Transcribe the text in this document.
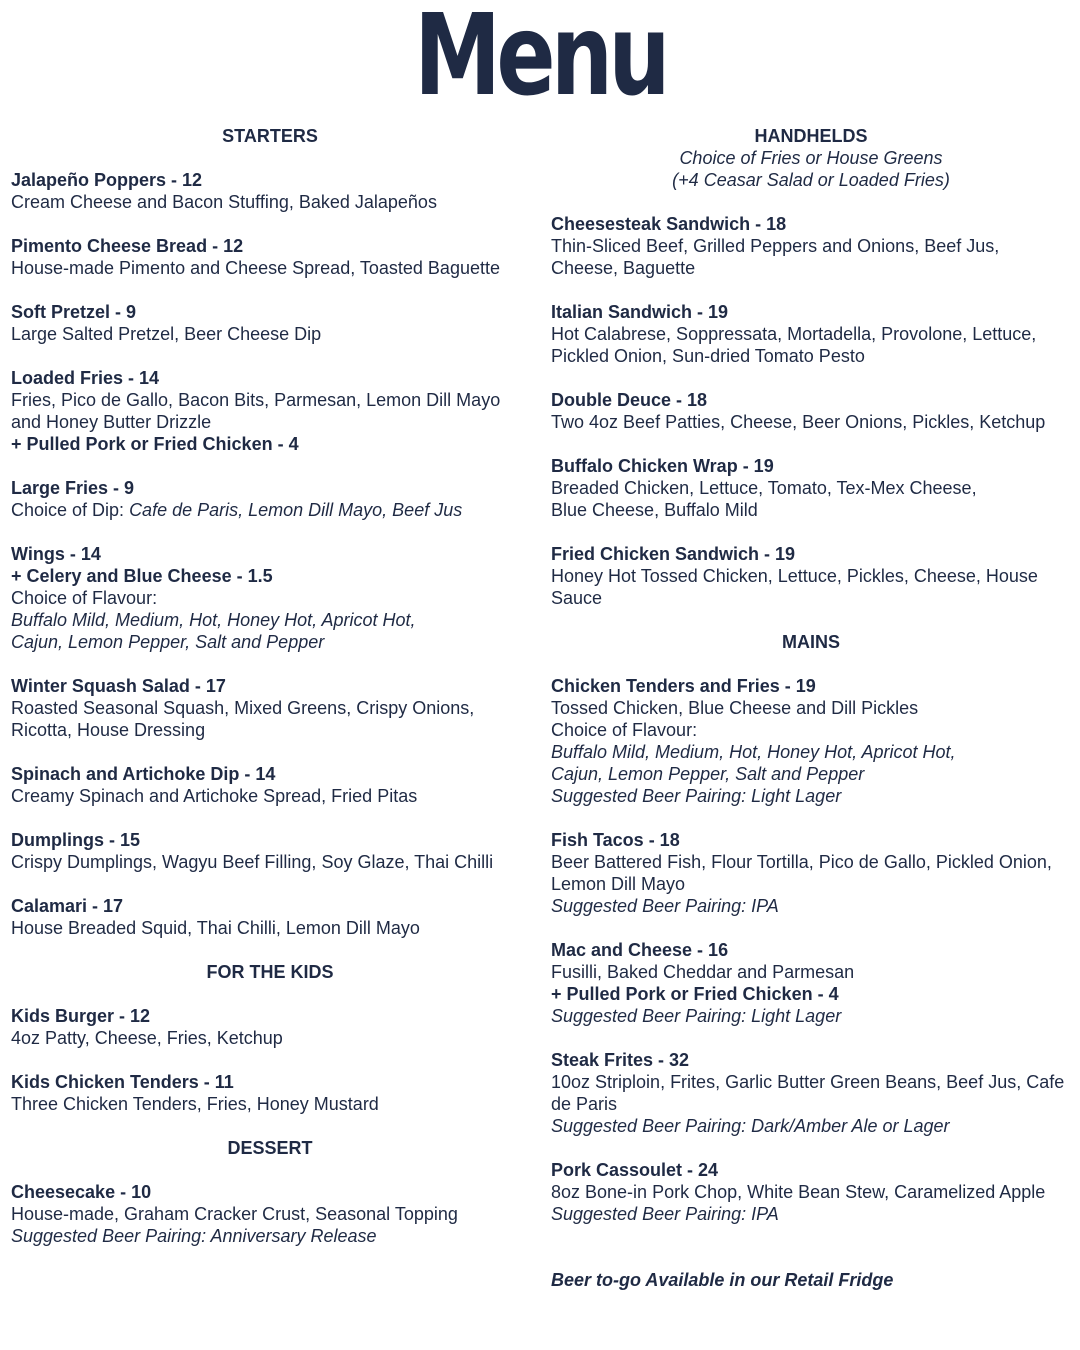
Menu
STARTERS
Jalapeño Poppers - 12
Cream Cheese and Bacon Stuffing, Baked Jalapeños
Pimento Cheese Bread - 12
House-made Pimento and Cheese Spread, Toasted Baguette
Soft Pretzel - 9
Large Salted Pretzel, Beer Cheese Dip
Loaded Fries - 14
Fries, Pico de Gallo, Bacon Bits, Parmesan, Lemon Dill Mayo and Honey Butter Drizzle
+ Pulled Pork or Fried Chicken - 4
Large Fries - 9
Choice of Dip: Cafe de Paris, Lemon Dill Mayo, Beef Jus
Wings - 14
+ Celery and Blue Cheese - 1.5
Choice of Flavour:
Buffalo Mild, Medium, Hot, Honey Hot, Apricot Hot,
Cajun, Lemon Pepper, Salt and Pepper
Winter Squash Salad - 17
Roasted Seasonal Squash, Mixed Greens, Crispy Onions, Ricotta, House Dressing
Spinach and Artichoke Dip - 14
Creamy Spinach and Artichoke Spread, Fried Pitas
Dumplings - 15
Crispy Dumplings, Wagyu Beef Filling, Soy Glaze, Thai Chilli
Calamari - 17
House Breaded Squid, Thai Chilli, Lemon Dill Mayo
FOR THE KIDS
Kids Burger - 12
4oz Patty, Cheese, Fries, Ketchup
Kids Chicken Tenders - 11
Three Chicken Tenders, Fries, Honey Mustard
DESSERT
Cheesecake - 10
House-made, Graham Cracker Crust, Seasonal Topping
Suggested Beer Pairing: Anniversary Release
HANDHELDS
Choice of Fries or House Greens
(+4 Ceasar Salad or Loaded Fries)
Cheesesteak Sandwich - 18
Thin-Sliced Beef, Grilled Peppers and Onions, Beef Jus, Cheese, Baguette
Italian Sandwich - 19
Hot Calabrese, Soppressata, Mortadella, Provolone, Lettuce, Pickled Onion, Sun-dried Tomato Pesto
Double Deuce - 18
Two 4oz Beef Patties, Cheese, Beer Onions, Pickles, Ketchup
Buffalo Chicken Wrap - 19
Breaded Chicken, Lettuce, Tomato, Tex-Mex Cheese,
Blue Cheese, Buffalo Mild
Fried Chicken Sandwich - 19
Honey Hot Tossed Chicken, Lettuce, Pickles, Cheese, House Sauce
MAINS
Chicken Tenders and Fries - 19
Tossed Chicken, Blue Cheese and Dill Pickles
Choice of Flavour:
Buffalo Mild, Medium, Hot, Honey Hot, Apricot Hot,
Cajun, Lemon Pepper, Salt and Pepper
Suggested Beer Pairing: Light Lager
Fish Tacos - 18
Beer Battered Fish, Flour Tortilla, Pico de Gallo, Pickled Onion, Lemon Dill Mayo
Suggested Beer Pairing: IPA
Mac and Cheese - 16
Fusilli, Baked Cheddar and Parmesan
+ Pulled Pork or Fried Chicken - 4
Suggested Beer Pairing: Light Lager
Steak Frites - 32
10oz Striploin, Frites, Garlic Butter Green Beans, Beef Jus, Cafe de Paris
Suggested Beer Pairing: Dark/Amber Ale or Lager
Pork Cassoulet - 24
8oz Bone-in Pork Chop, White Bean Stew, Caramelized Apple
Suggested Beer Pairing: IPA
Beer to-go Available in our Retail Fridge
